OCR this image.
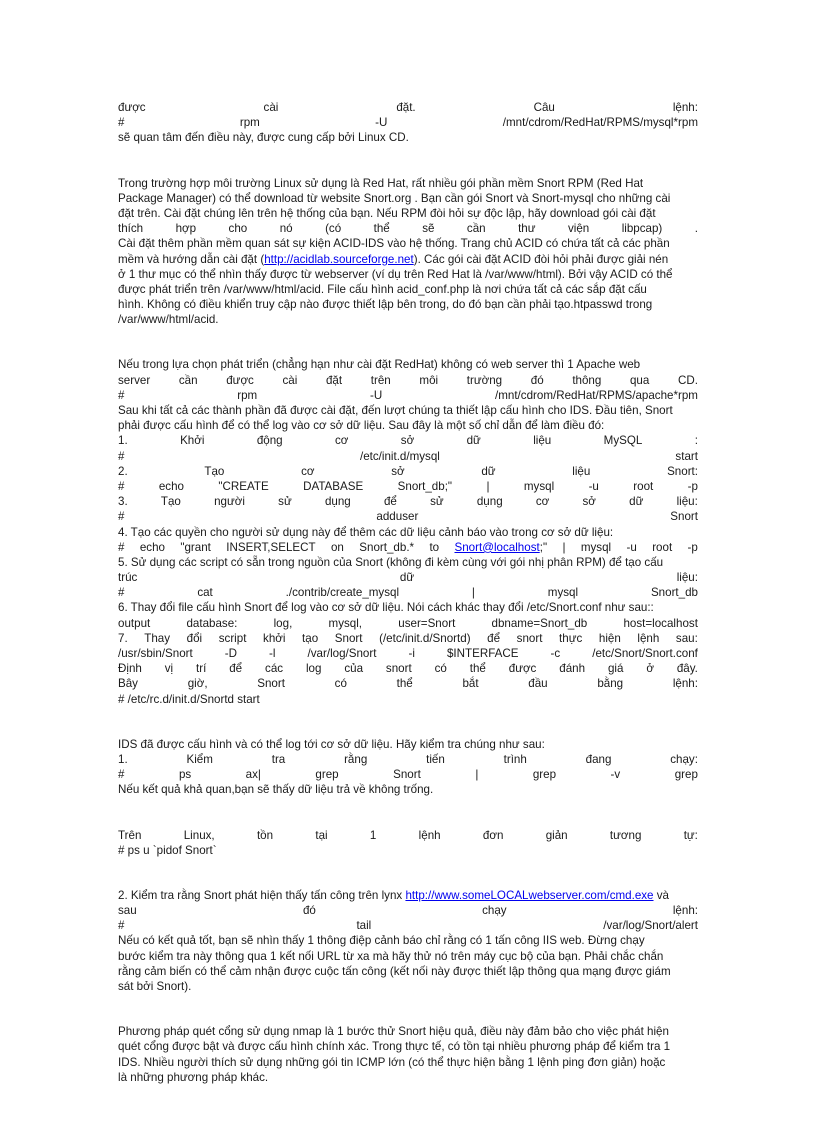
được	cài	đặt.	Câu	lệnh:
#	rpm	-U	/mnt/cdrom/RedHat/RPMS/mysql*rpm
sẽ quan tâm đến điều này, được cung cấp bởi Linux CD.
Trong trường hợp môi trường Linux sử dụng là Red Hat, rất nhiều gói phần mềm Snort RPM (Red Hat
Package Manager) có thể download từ website Snort.org . Bạn cần gói Snort và Snort-mysql cho những cài
đặt trên. Cài đặt chúng lên trên hệ thống của bạn. Nếu RPM đòi hỏi sự độc lập, hãy download gói cài đặt
thích	hợp	cho	nó	(có	thể	sẽ	cần	thư	viện	libpcap)	.
Cài đặt thêm phần mềm quan sát sự kiện ACID-IDS vào hệ thống. Trang chủ ACID có chứa tất cả các phần
mềm và hướng dẫn cài đặt (http://acidlab.sourceforge.net). Các gói cài đặt ACID đòi hỏi phải được giải nén
ở 1 thư mục có thể nhìn thấy được từ webserver (ví dụ trên Red Hat là /var/www/html). Bởi vậy ACID có thể
được phát triển trên /var/www/html/acid. File cấu hình acid_conf.php là nơi chứa tất cả các sắp đặt cấu
hình. Không có điều khiển truy cập nào được thiết lập bên trong, do đó bạn cần phải tạo.htpasswd trong
/var/www/html/acid.
Nếu trong lựa chọn phát triển (chẳng hạn như cài đặt RedHat) không có web server thì 1 Apache web
server cần được cài đặt trên môi trường đó thông qua CD.
#	rpm	-U	/mnt/cdrom/RedHat/RPMS/apache*rpm
Sau khi tất cả các thành phần đã được cài đặt, đến lượt chúng ta thiết lập cấu hình cho IDS. Đầu tiên, Snort
phải được cấu hình để có thể log vào cơ sở dữ liệu. Sau đây là một số chỉ dẫn để làm điều đó:
1.	Khởi	động	cơ	sở	dữ	liệu	MySQL	:
#	/etc/init.d/mysql	start
2.	Tạo	cơ	sở	dữ	liệu	Snort:
#	echo	"CREATE	DATABASE	Snort_db;"	|	mysql	-u	root	-p
3.	Tạo	người	sử	dụng	để	sử	dụng	cơ	sở	dữ	liệu:
#	adduser	Snort
4. Tạo các quyền cho người sử dụng này để thêm các dữ liệu cảnh báo vào trong cơ sở dữ liệu:
# echo "grant INSERT,SELECT on Snort_db.* to Snort@localhost;" | mysql -u root -p
5. Sử dụng các script có sẵn trong nguồn của Snort (không đi kèm cùng với gói nhị phân RPM) để tạo cấu
trúc	dữ	liệu:
#	cat	./contrib/create_mysql	|	mysql	Snort_db
6. Thay đổi file cấu hình Snort để log vào cơ sở dữ liệu. Nói cách khác thay đổi /etc/Snort.conf như sau::
output	database:	log,	mysql,	user=Snort	dbname=Snort_db	host=localhost
7. Thay đổi script khởi tạo Snort (/etc/init.d/Snortd) để snort thực hiện lệnh sau:
/usr/sbin/Snort	-D	-l	/var/log/Snort	-i	$INTERFACE	-c	/etc/Snort/Snort.conf
Định vị trí để các log của snort có thể được đánh giá ở đây.
Bây	giờ,	Snort	có	thể	bắt	đầu	bằng	lệnh:
# /etc/rc.d/init.d/Snortd start
IDS đã được cấu hình và có thể log tới cơ sở dữ liệu. Hãy kiểm tra chúng như sau:
1.	Kiểm	tra	rằng	tiến	trình	đang	chạy:
#	ps	ax|	grep	Snort	|	grep	-v	grep
Nếu kết quả khả quan,bạn sẽ thấy dữ liệu trả về không trống.
Trên	Linux,	tồn	tại	1	lệnh	đơn	giản	tương	tự:
# ps u `pidof Snort`
2. Kiểm tra rằng Snort phát hiện thấy tấn công trên lynx http://www.someLOCALwebserver.com/cmd.exe và
sau	đó	chạy	lệnh:
#	tail	/var/log/Snort/alert
Nếu có kết quả tốt, bạn sẽ nhìn thấy 1 thông điệp cảnh báo chỉ rằng có 1 tấn công IIS web. Đừng chạy
bước kiểm tra này thông qua 1 kết nối URL từ xa mà hãy thử nó trên máy cục bộ của bạn. Phải chắc chắn
rằng cảm biến có thể cảm nhận được cuộc tấn công (kết nối này được thiết lập thông qua mạng được giám
sát bởi Snort).
Phương pháp quét cổng sử dụng nmap là 1 bước thử Snort hiệu quả, điều này đảm bảo cho việc phát hiện
quét cổng được bật và được cấu hình chính xác. Trong thực tế, có tồn tại nhiều phương pháp để kiểm tra 1
IDS. Nhiều người thích sử dụng những gói tin ICMP lớn (có thể thực hiện bằng 1 lệnh ping đơn giản) hoặc
là những phương pháp khác.
